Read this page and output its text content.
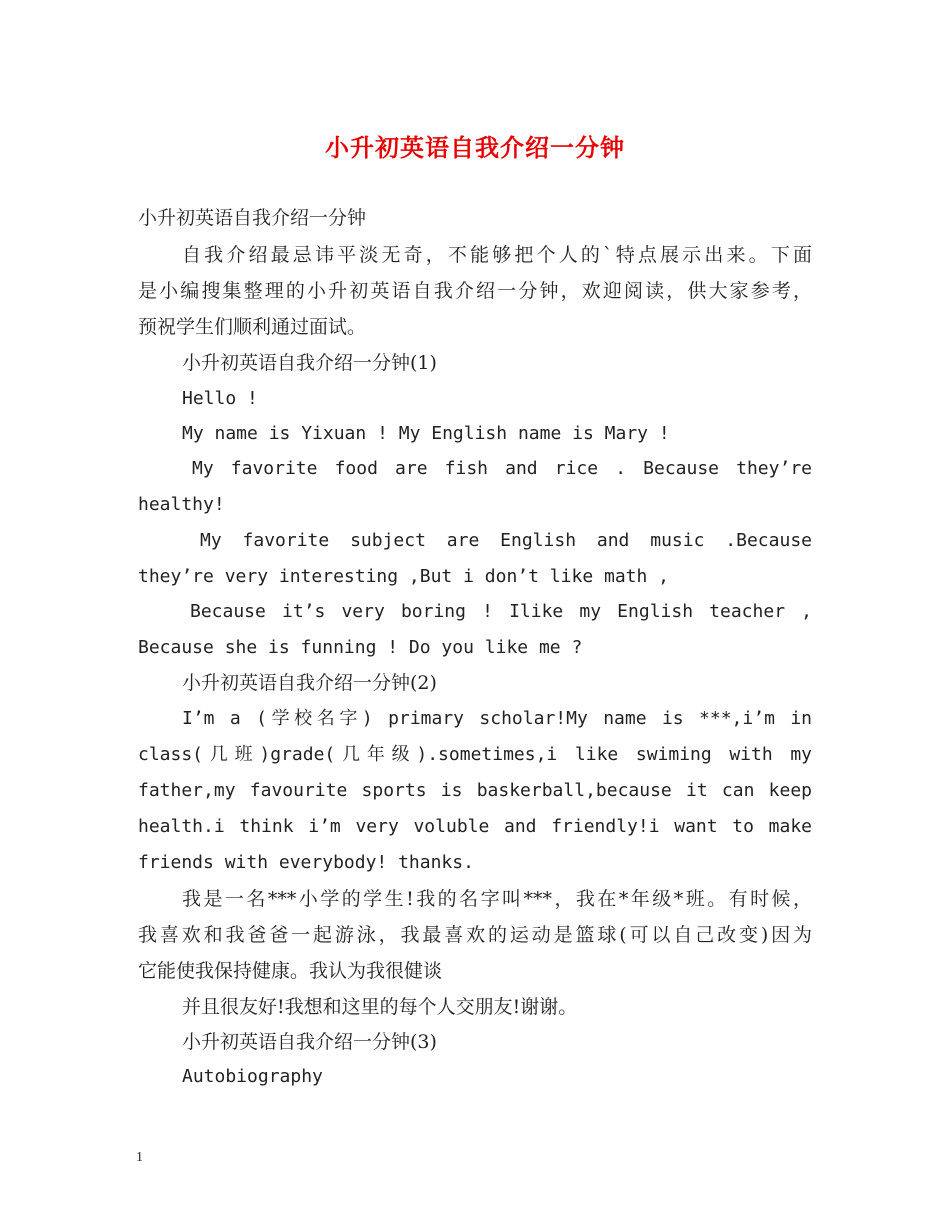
小升初英语自我介绍一分钟
小升初英语自我介绍一分钟
自我介绍最忌讳平淡无奇，不能够把个人的`特点展示出来。下面
是小编搜集整理的小升初英语自我介绍一分钟，欢迎阅读，供大家参考，
预祝学生们顺利通过面试。
小升初英语自我介绍一分钟(1)
Hello !
My name is Yixuan ! My English name is Mary !
My favorite food are fish and rice . Because they’re
healthy!
My favorite subject are English and music .Because
they’re very interesting ,But i don’t like math ,
Because it’s very boring ! Ilike my English teacher ,
Because she is funning ! Do you like me ?
小升初英语自我介绍一分钟(2)
I’m a (学校名字) primary scholar!My name is ***,i’m in
class(几班)grade(几年级).sometimes,i like swiming with my
father,my favourite sports is baskerball,because it can keep
health.i think i’m very voluble and friendly!i want to make
friends with everybody! thanks.
我是一名***小学的学生!我的名字叫***，我在*年级*班。有时候，
我喜欢和我爸爸一起游泳，我最喜欢的运动是篮球(可以自己改变)因为
它能使我保持健康。我认为我很健谈
并且很友好!我想和这里的每个人交朋友!谢谢。
小升初英语自我介绍一分钟(3)
Autobiography
1
